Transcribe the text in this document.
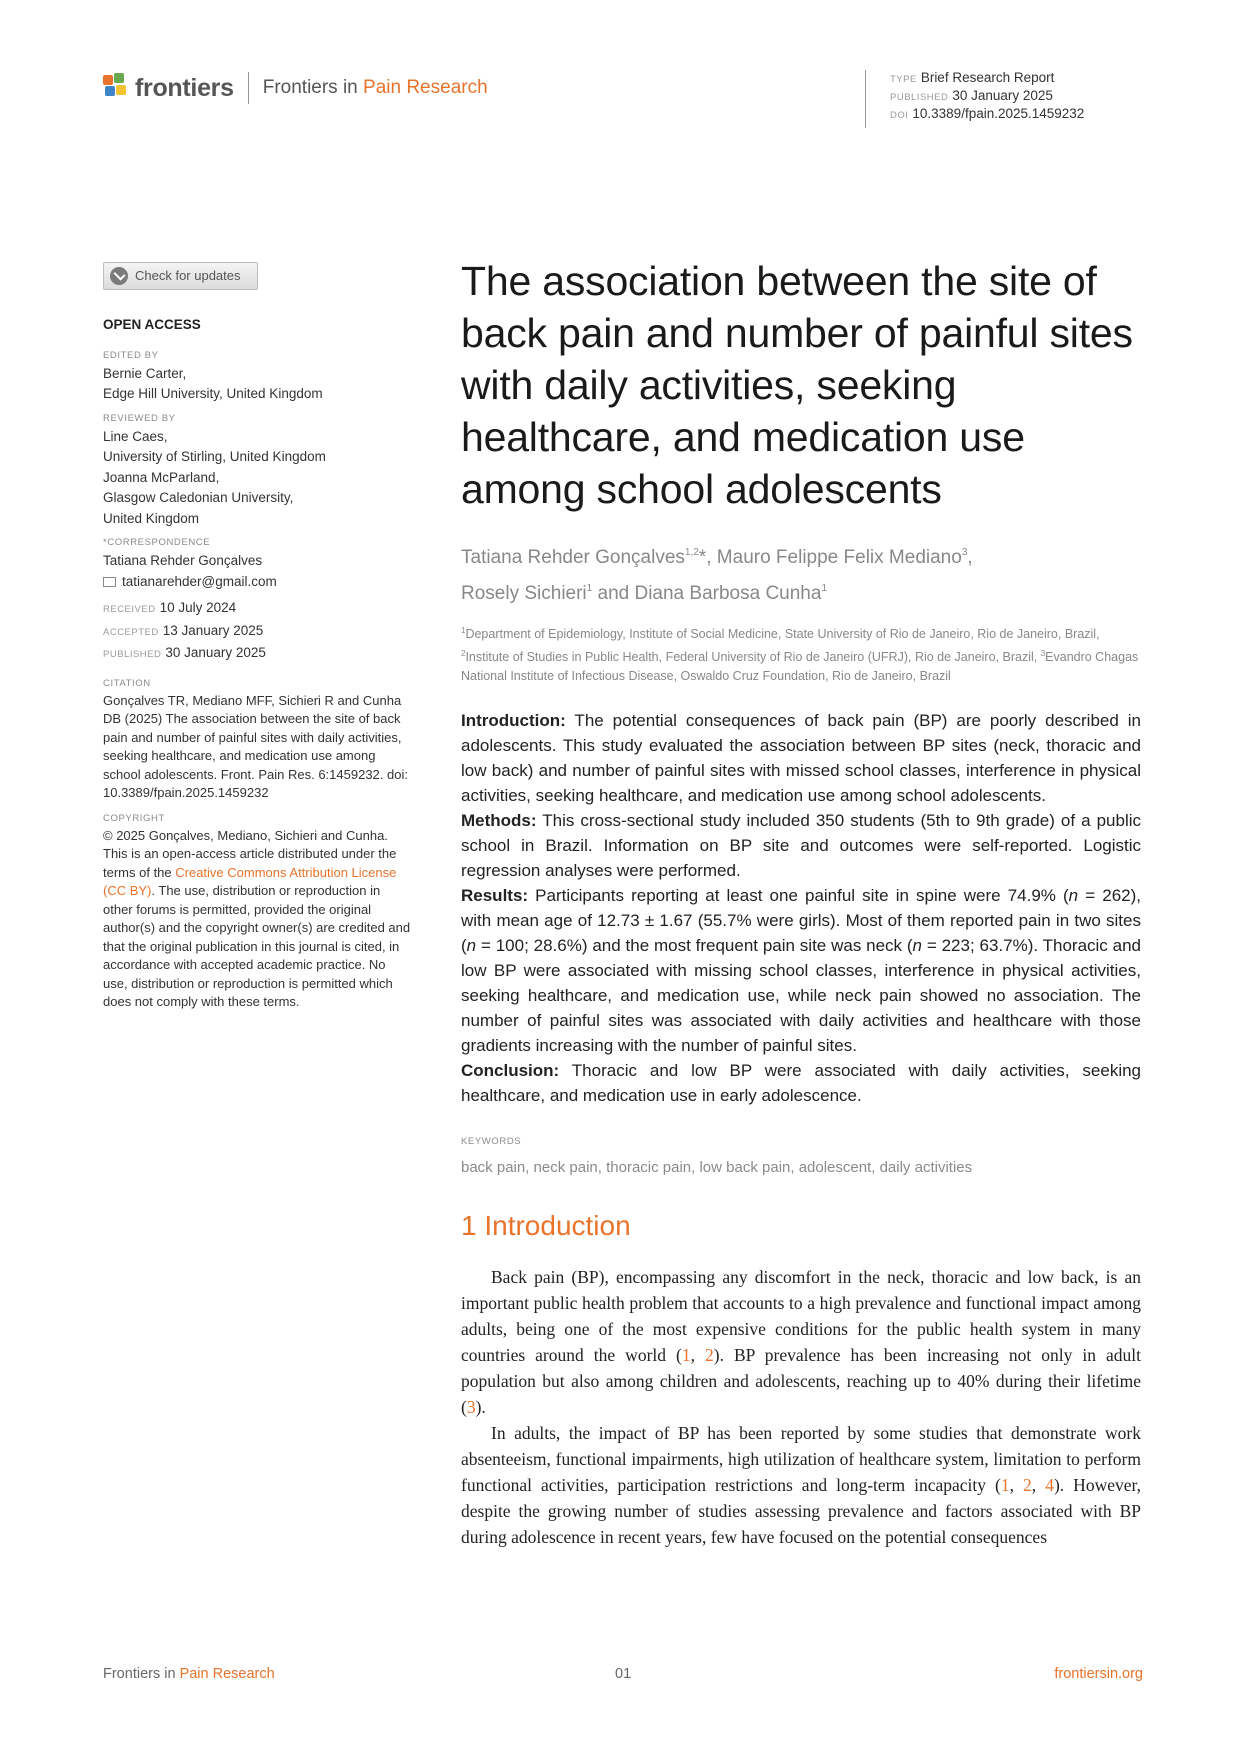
frontiers Frontiers in Pain Research	TYPE Brief Research Report
PUBLISHED 30 January 2025
DOI 10.3389/fpain.2025.1459232
Check for updates
OPEN ACCESS
EDITED BY
Bernie Carter,
Edge Hill University, United Kingdom
REVIEWED BY
Line Caes,
University of Stirling, United Kingdom
Joanna McParland,
Glasgow Caledonian University,
United Kingdom
*CORRESPONDENCE
Tatiana Rehder Gonçalves
tatianarehder@gmail.com
RECEIVED 10 July 2024
ACCEPTED 13 January 2025
PUBLISHED 30 January 2025
CITATION
Gonçalves TR, Mediano MFF, Sichieri R and Cunha DB (2025) The association between the site of back pain and number of painful sites with daily activities, seeking healthcare, and medication use among school adolescents. Front. Pain Res. 6:1459232. doi: 10.3389/fpain.2025.1459232
COPYRIGHT
© 2025 Gonçalves, Mediano, Sichieri and Cunha. This is an open-access article distributed under the terms of the Creative Commons Attribution License (CC BY). The use, distribution or reproduction in other forums is permitted, provided the original author(s) and the copyright owner(s) are credited and that the original publication in this journal is cited, in accordance with accepted academic practice. No use, distribution or reproduction is permitted which does not comply with these terms.
The association between the site of back pain and number of painful sites with daily activities, seeking healthcare, and medication use among school adolescents
Tatiana Rehder Gonçalves$^{1,2}$*, Mauro Felippe Felix Mediano$^3$,
Rosely Sichieri$^1$ and Diana Barbosa Cunha$^1$
$^1$Department of Epidemiology, Institute of Social Medicine, State University of Rio de Janeiro, Rio de Janeiro, Brazil, $^2$Institute of Studies in Public Health, Federal University of Rio de Janeiro (UFRJ), Rio de Janeiro, Brazil, $^3$Evandro Chagas National Institute of Infectious Disease, Oswaldo Cruz Foundation, Rio de Janeiro, Brazil

Introduction: The potential consequences of back pain (BP) are poorly described in adolescents. This study evaluated the association between BP sites (neck, thoracic and low back) and number of painful sites with missed school classes, interference in physical activities, seeking healthcare, and medication use among school adolescents.

Methods: This cross-sectional study included 350 students (5th to 9th grade) of a public school in Brazil. Information on BP site and outcomes were self-reported. Logistic regression analyses were performed.

Results: Participants reporting at least one painful site in spine were 74.9% (n = 262), with mean age of 12.73 ± 1.67 (55.7% were girls). Most of them reported pain in two sites (n = 100; 28.6%) and the most frequent pain site was neck (n = 223; 63.7%). Thoracic and low BP were associated with missing school classes, interference in physical activities, seeking healthcare, and medication use, while neck pain showed no association. The number of painful sites was associated with daily activities and healthcare with those gradients increasing with the number of painful sites.

Conclusion: Thoracic and low BP were associated with daily activities, seeking healthcare, and medication use in early adolescence.

KEYWORDS
back pain, neck pain, thoracic pain, low back pain, adolescent, daily activities
1 Introduction

Back pain (BP), encompassing any discomfort in the neck, thoracic and low back, is an important public health problem that accounts to a high prevalence and functional impact among adults, being one of the most expensive conditions for the public health system in many countries around the world (1, 2). BP prevalence has been increasing not only in adult population but also among children and adolescents, reaching up to 40% during their lifetime (3).

In adults, the impact of BP has been reported by some studies that demonstrate work absenteeism, functional impairments, high utilization of healthcare system, limitation to perform functional activities, participation restrictions and long-term incapacity (1, 2, 4). However, despite the growing number of studies assessing prevalence and factors associated with BP during adolescence in recent years, few have focused on the potential consequences

Frontiers in Pain Research	01	frontiersin.org
